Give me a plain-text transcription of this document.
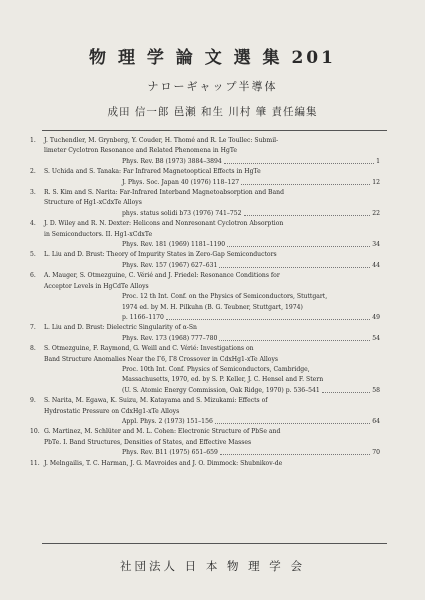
物 理 学 論 文 選 集 201
ナローギャップ半導体
成田 信一郎 邑瀬 和生 川村 肇 責任編集
1.	J. Tuchendler, M. Grynberg, Y. Couder, H. Thomé and R. Le Toullec: Submil-
limeter Cyclotron Resonance and Related Phenomena in HgTe
Phys. Rev. B8 (1973) 3884–3894	1
2.	S. Uchida and S. Tanaka: Far Infrared Magnetooptical Effects in HgTe
J. Phys. Soc. Japan 40 (1976) 118–127	12
3.	R. S. Kim and S. Narita: Far-Infrared Interband Magnetoabsorption and Band
Structure of Hg1-xCdxTe Alloys
phys. status solidi b73 (1976) 741–752	22
4.	J. D. Wiley and R. N. Dexter: Helicons and Nonresonant Cyclotron Absorption
in Semiconductors. II. Hg1-xCdxTe
Phys. Rev. 181 (1969) 1181–1190	34
5.	L. Liu and D. Brust: Theory of Impurity States in Zero-Gap Semiconductors
Phys. Rev. 157 (1967) 627–631	44
6.	A. Mauger, S. Otmezguine, C. Vérié and J. Friedel: Resonance Conditions for
Acceptor Levels in HgCdTe Alloys
Proc. 12 th Int. Conf. on the Physics of Semiconductors, Stuttgart,
1974 ed. by M. H. Pilkuhn (B. G. Teubner, Stuttgart, 1974)
p. 1166–1170	49
7.	L. Liu and D. Brust: Dielectric Singularity of α-Sn
Phys. Rev. 173 (1968) 777–780	54
8.	S. Otmezguine, F. Raymond, G. Weill and C. Vérié: Investigations on
Band Structure Anomalies Near the Γ6, Γ8 Crossover in CdxHg1-xTe Alloys
Proc. 10th Int. Conf. Physics of Semiconductors, Cambridge,
Massachusetts, 1970, ed. by S. P. Keller, J. C. Hensel and F. Stern
(U. S. Atomic Energy Commission, Oak Ridge, 1970) p. 536–541	58
9.	S. Narita, M. Egawa, K. Suizu, M. Katayama and S. Mizukami: Effects of
Hydrostatic Pressure on CdxHg1-xTe Alloys
Appl. Phys. 2 (1973) 151–156	64
10. G. Martinez, M. Schlüter and M. L. Cohen: Electronic Structure of PbSe and
PbTe. I. Band Structures, Densities of States, and Effective Masses
Phys. Rev. B11 (1975) 651–659	70
11. J. Melngailis, T. C. Harman, J. G. Mavroides and J. O. Dimmock: Shubnikov-de
社団法人 日 本 物 理 学 会
